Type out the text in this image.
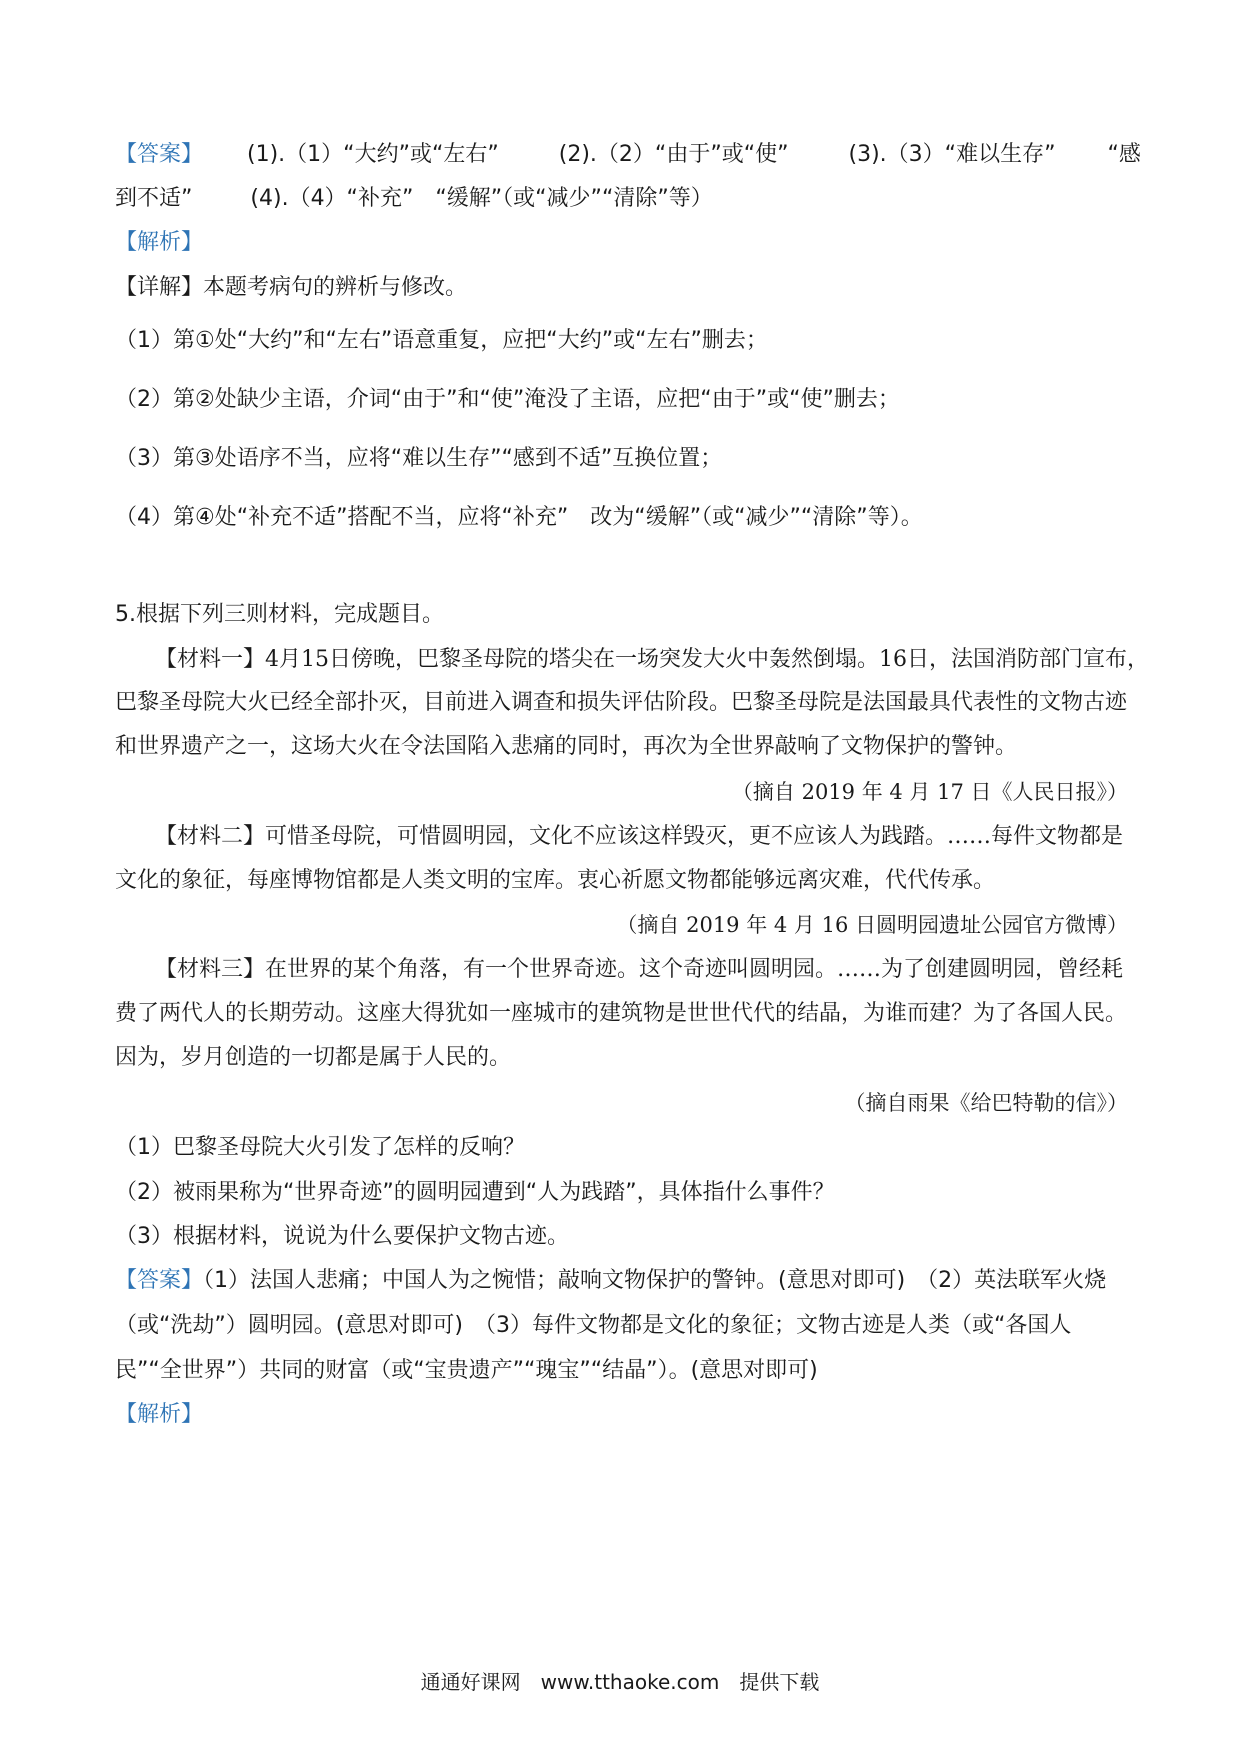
【答案】 (1).（1）“大约”或“左右”	(2).（2）“由于”或“使”	(3).（3）“难以生存” “感
到不适”	(4).（4）“补充”　“缓解”（或“减少”“清除”等）
【解析】
【详解】本题考病句的辨析与修改。
（1）第①处“大约”和“左右”语意重复，应把“大约”或“左右”删去；
（2）第②处缺少主语，介词“由于”和“使”淹没了主语，应把“由于”或“使”删去；
（3）第③处语序不当，应将“难以生存”“感到不适”互换位置；
（4）第④处“补充不适”搭配不当，应将“补充”　改为“缓解”（或“减少”“清除”等）。
5.根据下列三则材料，完成题目。
【材料一】4月15日傍晚，巴黎圣母院的塔尖在一场突发大火中轰然倒塌。16日，法国消防部门宣布，
巴黎圣母院大火已经全部扑灭，目前进入调查和损失评估阶段。巴黎圣母院是法国最具代表性的文物古迹
和世界遗产之一，这场大火在令法国陷入悲痛的同时，再次为全世界敲响了文物保护的警钟。
（摘自 2019 年 4 月 17 日《人民日报》）
【材料二】可惜圣母院，可惜圆明园，文化不应该这样毁灭，更不应该人为践踏。……每件文物都是
文化的象征，每座博物馆都是人类文明的宝库。衷心祈愿文物都能够远离灾难，代代传承。
（摘自 2019 年 4 月 16 日圆明园遗址公园官方微博）
【材料三】在世界的某个角落，有一个世界奇迹。这个奇迹叫圆明园。……为了创建圆明园，曾经耗
费了两代人的长期劳动。这座大得犹如一座城市的建筑物是世世代代的结晶，为谁而建？为了各国人民。
因为，岁月创造的一切都是属于人民的。
（摘自雨果《给巴特勒的信》）
（1）巴黎圣母院大火引发了怎样的反响？
（2）被雨果称为“世界奇迹”的圆明园遭到“人为践踏”，具体指什么事件？
（3）根据材料，说说为什么要保护文物古迹。
【答案】（1）法国人悲痛；中国人为之惋惜；敲响文物保护的警钟。(意思对即可)　（2）英法联军火烧
（或“洗劫”）圆明园。(意思对即可)　（3）每件文物都是文化的象征；文物古迹是人类（或“各国人
民”“全世界”）共同的财富（或“宝贵遗产”“瑰宝”“结晶”）。(意思对即可)
【解析】
通通好课网　www.tthaoke.com　提供下载
